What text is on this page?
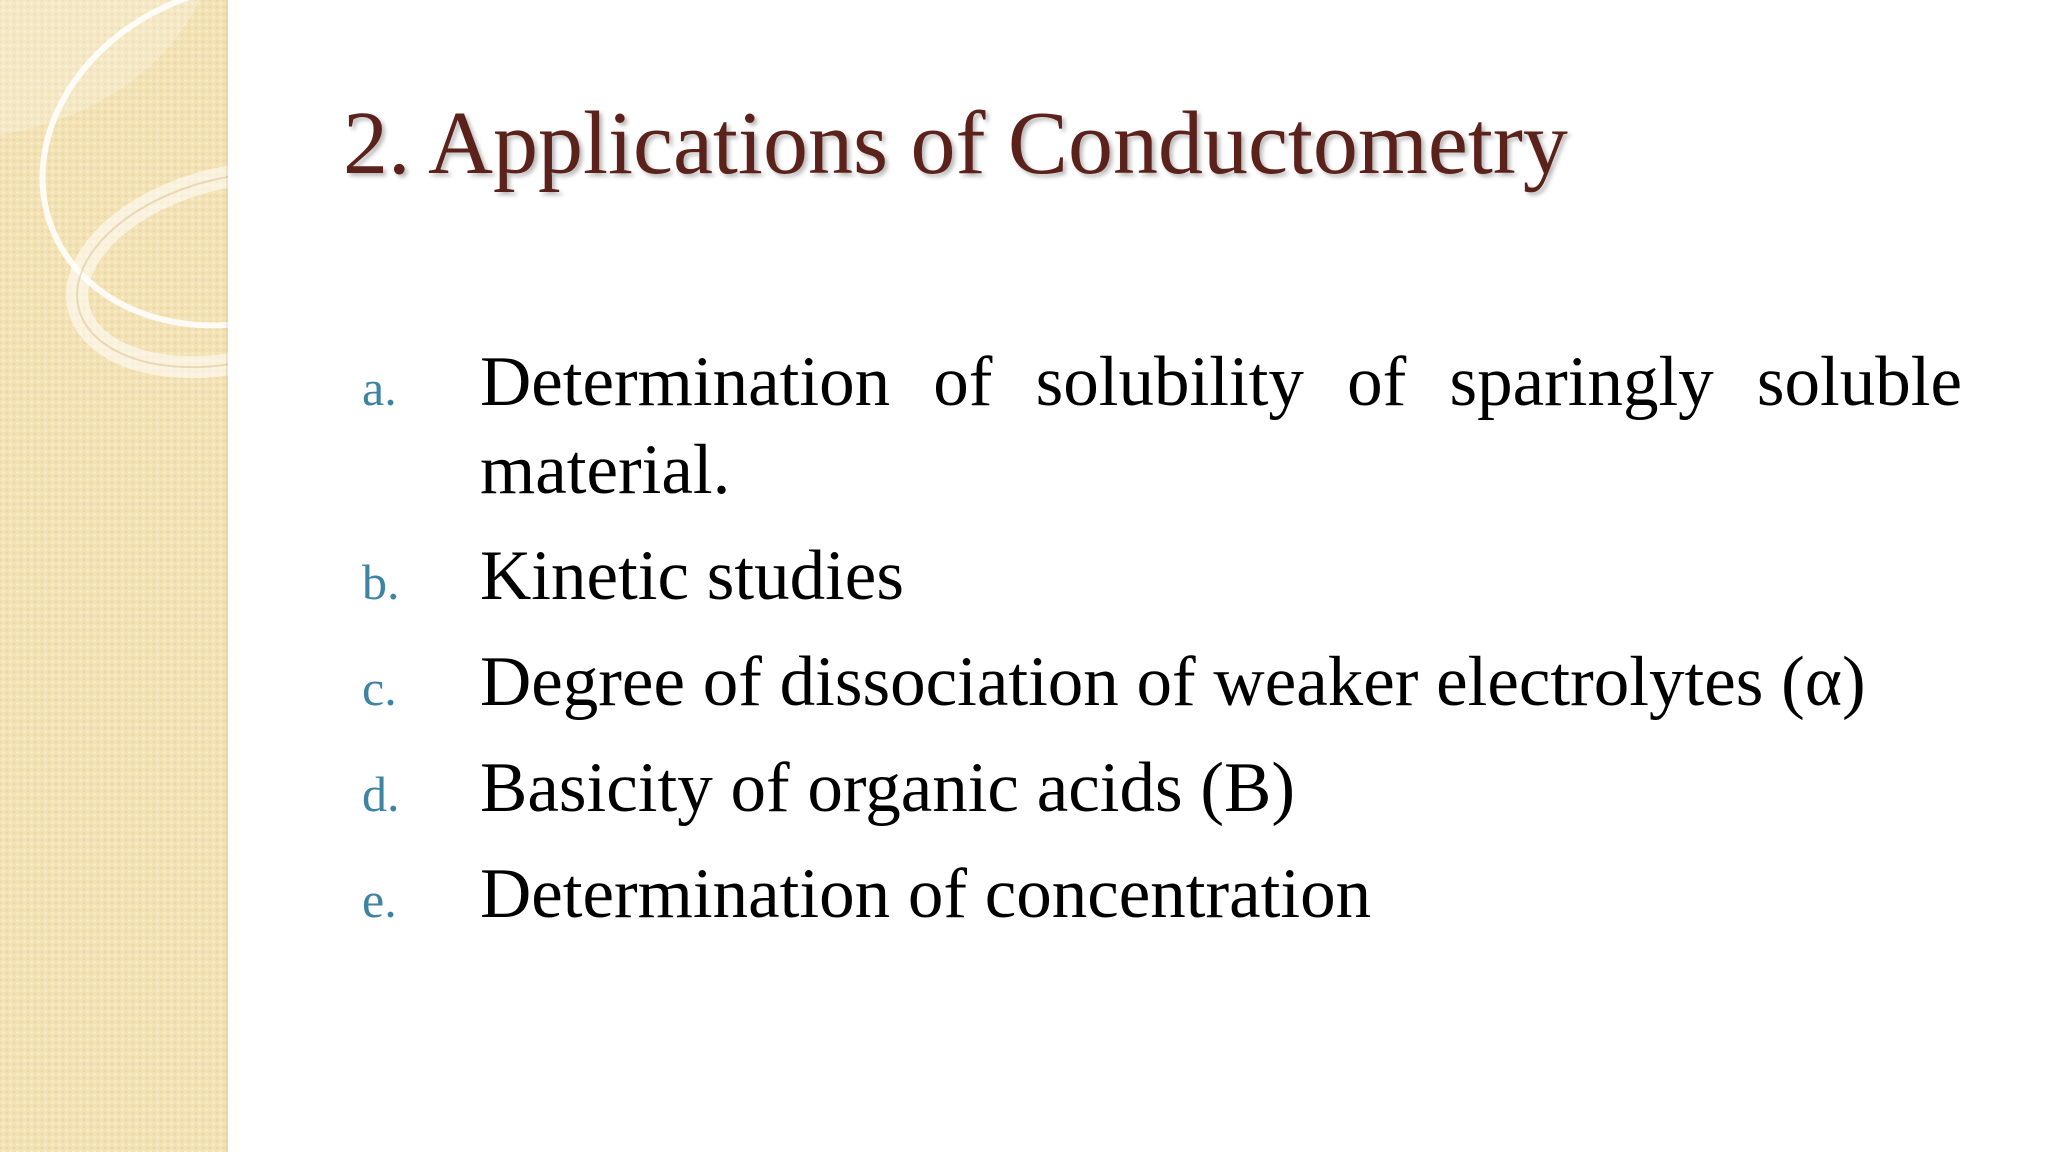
2. Applications of Conductometry
a.	Determination of solubility of sparingly soluble material.
b.	Kinetic studies
c.	Degree of dissociation of weaker electrolytes (α)
d.	Basicity of organic acids (B)
e.	Determination of concentration
